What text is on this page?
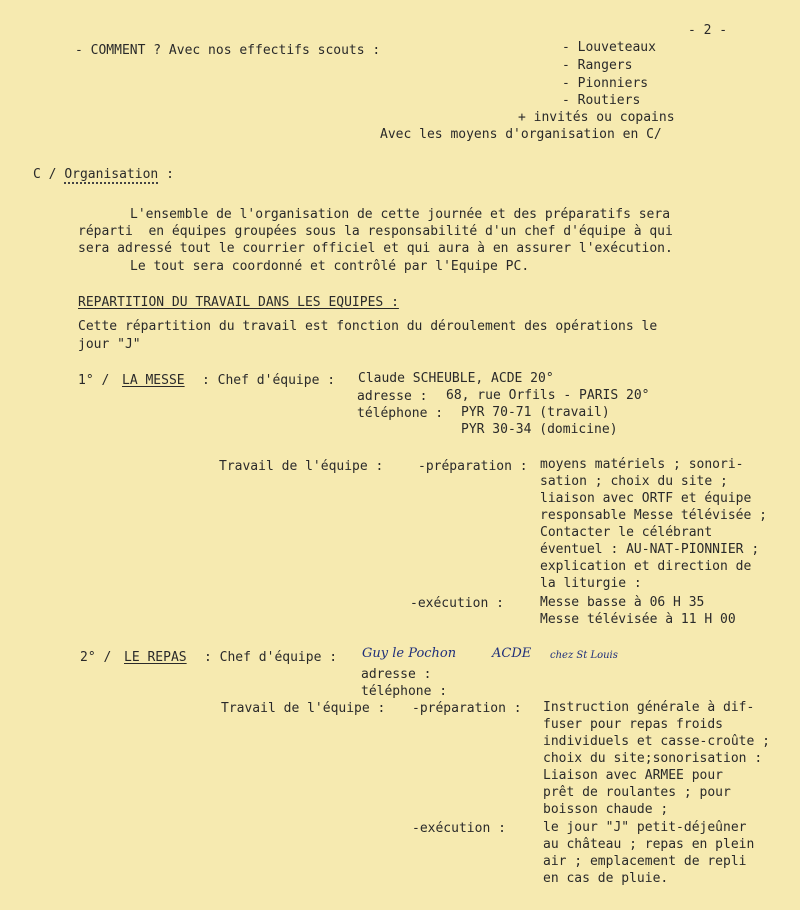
- 2 -
- COMMENT ? Avec nos effectifs scouts :	- Louveteaux
- Rangers
- Pionniers
- Routiers
+ invités ou copains
Avec les moyens d'organisation en C/
C / Organisation :
L'ensemble de l'organisation de cette journée et des préparatifs sera
réparti  en équipes groupées sous la responsabilité d'un chef d'équipe à qui
sera adressé tout le courrier officiel et qui aura à en assurer l'exécution.
Le tout sera coordonné et contrôlé par l'Equipe PC.
REPARTITION DU TRAVAIL DANS LES EQUIPES :
Cette répartition du travail est fonction du déroulement des opérations le
jour "J"
1° / LA MESSE : Chef d'équipe : Claude SCHEUBLE, ACDE 20°
adresse : 68, rue Orfils - PARIS 20°
téléphone : PYR 70-71 (travail)
PYR 30-34 (domicine)
Travail de l'équipe :	-préparation : moyens matériels ; sonori-
sation ; choix du site ;
liaison avec ORTF et équipe
responsable Messe télévisée ;
Contacter le célébrant
éventuel : AU-NAT-PIONNIER ;
explication et direction de
la liturgie :
-exécution :	Messe basse à 06 H 35
Messe télévisée à 11 H 00
2° / LE REPAS : Chef d'équipe : Guy le Pochon	ACDE chez St Louis
adresse :
téléphone :
Travail de l'équipe : -préparation : Instruction générale à dif-
fuser pour repas froids
individuels et casse-croûte ;
choix du site;sonorisation :
Liaison avec ARMEE pour
prêt de roulantes ; pour
boisson chaude ;
-exécution :	le jour "J" petit-déjeûner
au château ; repas en plein
air ; emplacement de repli
en cas de pluie.
